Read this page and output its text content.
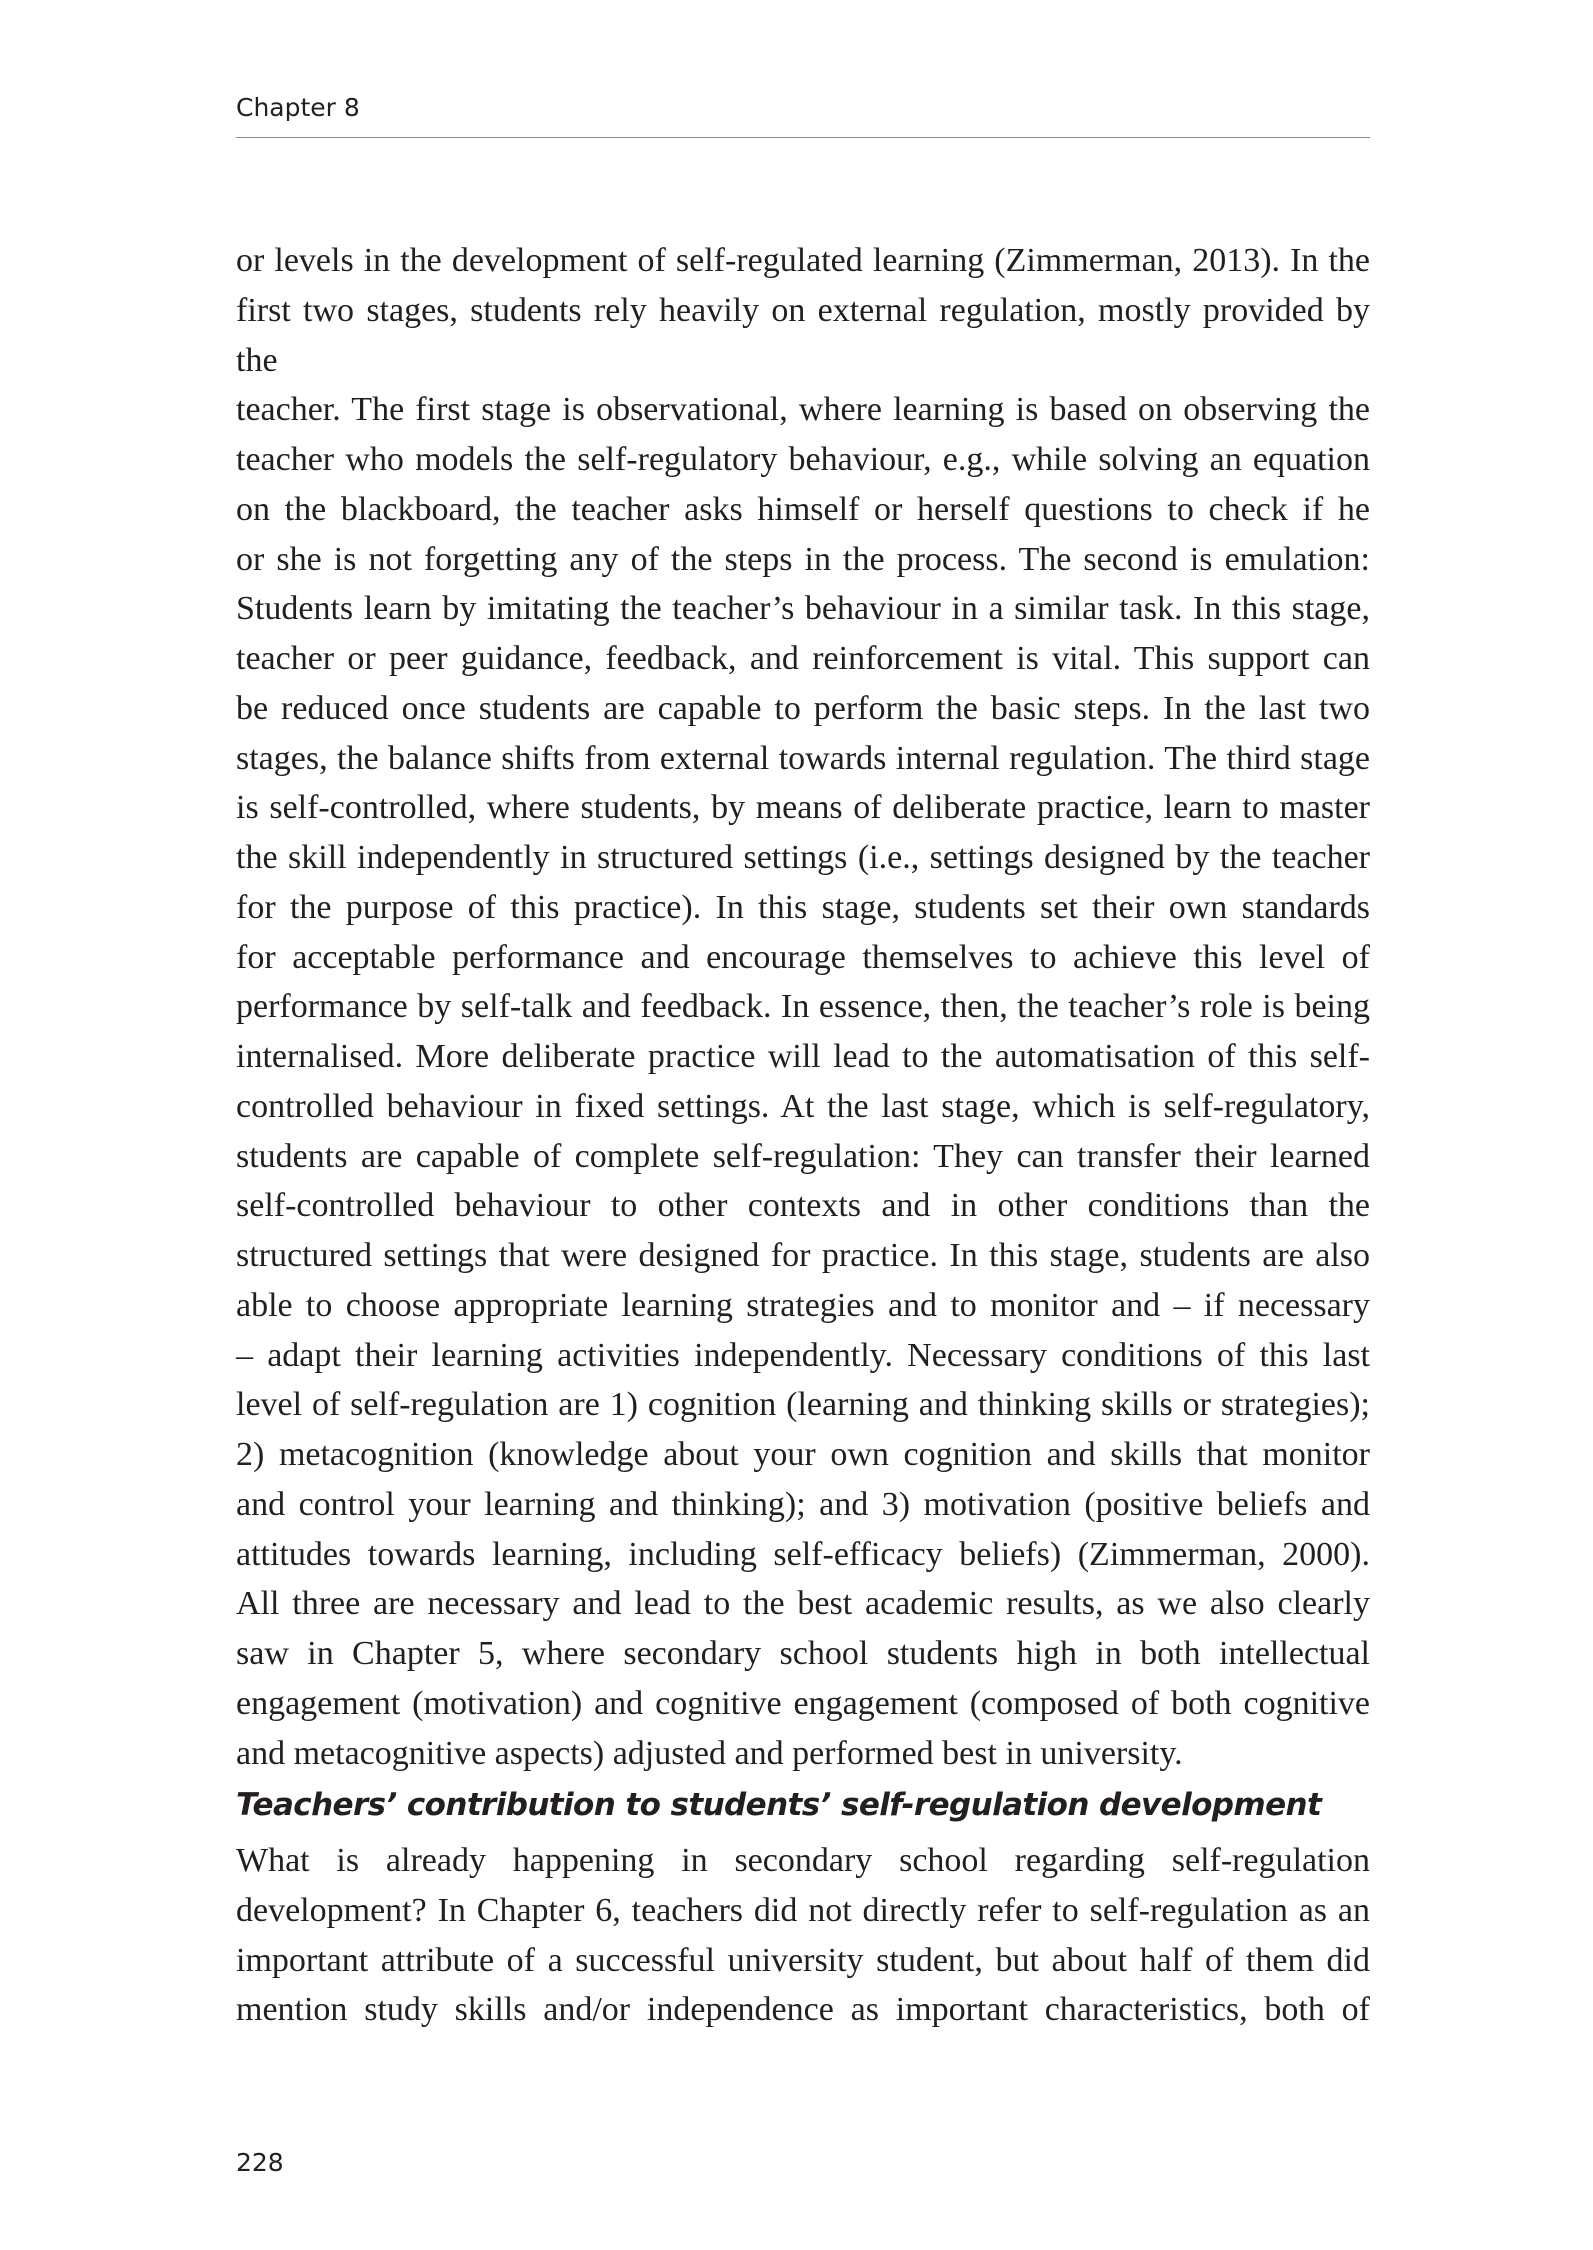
Chapter 8

or levels in the development of self-regulated learning (Zimmerman, 2013). In the

first two stages, students rely heavily on external regulation, mostly provided by the

teacher. The first stage is observational, where learning is based on observing the

teacher who models the self-regulatory behaviour, e.g., while solving an equation

on the blackboard, the teacher asks himself or herself questions to check if he

or she is not forgetting any of the steps in the process. The second is emulation:

Students learn by imitating the teacher’s behaviour in a similar task. In this stage,

teacher or peer guidance, feedback, and reinforcement is vital. This support can

be reduced once students are capable to perform the basic steps. In the last two

stages, the balance shifts from external towards internal regulation. The third stage

is self-controlled, where students, by means of deliberate practice, learn to master

the skill independently in structured settings (i.e., settings designed by the teacher

for the purpose of this practice). In this stage, students set their own standards

for acceptable performance and encourage themselves to achieve this level of

performance by self-talk and feedback. In essence, then, the teacher’s role is being

internalised. More deliberate practice will lead to the automatisation of this self-

controlled behaviour in fixed settings. At the last stage, which is self-regulatory,

students are capable of complete self-regulation: They can transfer their learned

self-controlled behaviour to other contexts and in other conditions than the

structured settings that were designed for practice. In this stage, students are also

able to choose appropriate learning strategies and to monitor and – if necessary

– adapt their learning activities independently. Necessary conditions of this last

level of self-regulation are 1) cognition (learning and thinking skills or strategies);

2) metacognition (knowledge about your own cognition and skills that monitor

and control your learning and thinking); and 3) motivation (positive beliefs and

attitudes towards learning, including self-efficacy beliefs) (Zimmerman, 2000).

All three are necessary and lead to the best academic results, as we also clearly

saw in Chapter 5, where secondary school students high in both intellectual

engagement (motivation) and cognitive engagement (composed of both cognitive

and metacognitive aspects) adjusted and performed best in university.

Teachers’ contribution to students’ self-regulation development

What is already happening in secondary school regarding self-regulation

development? In Chapter 6, teachers did not directly refer to self-regulation as an

important attribute of a successful university student, but about half of them did

mention study skills and/or independence as important characteristics, both of

228
